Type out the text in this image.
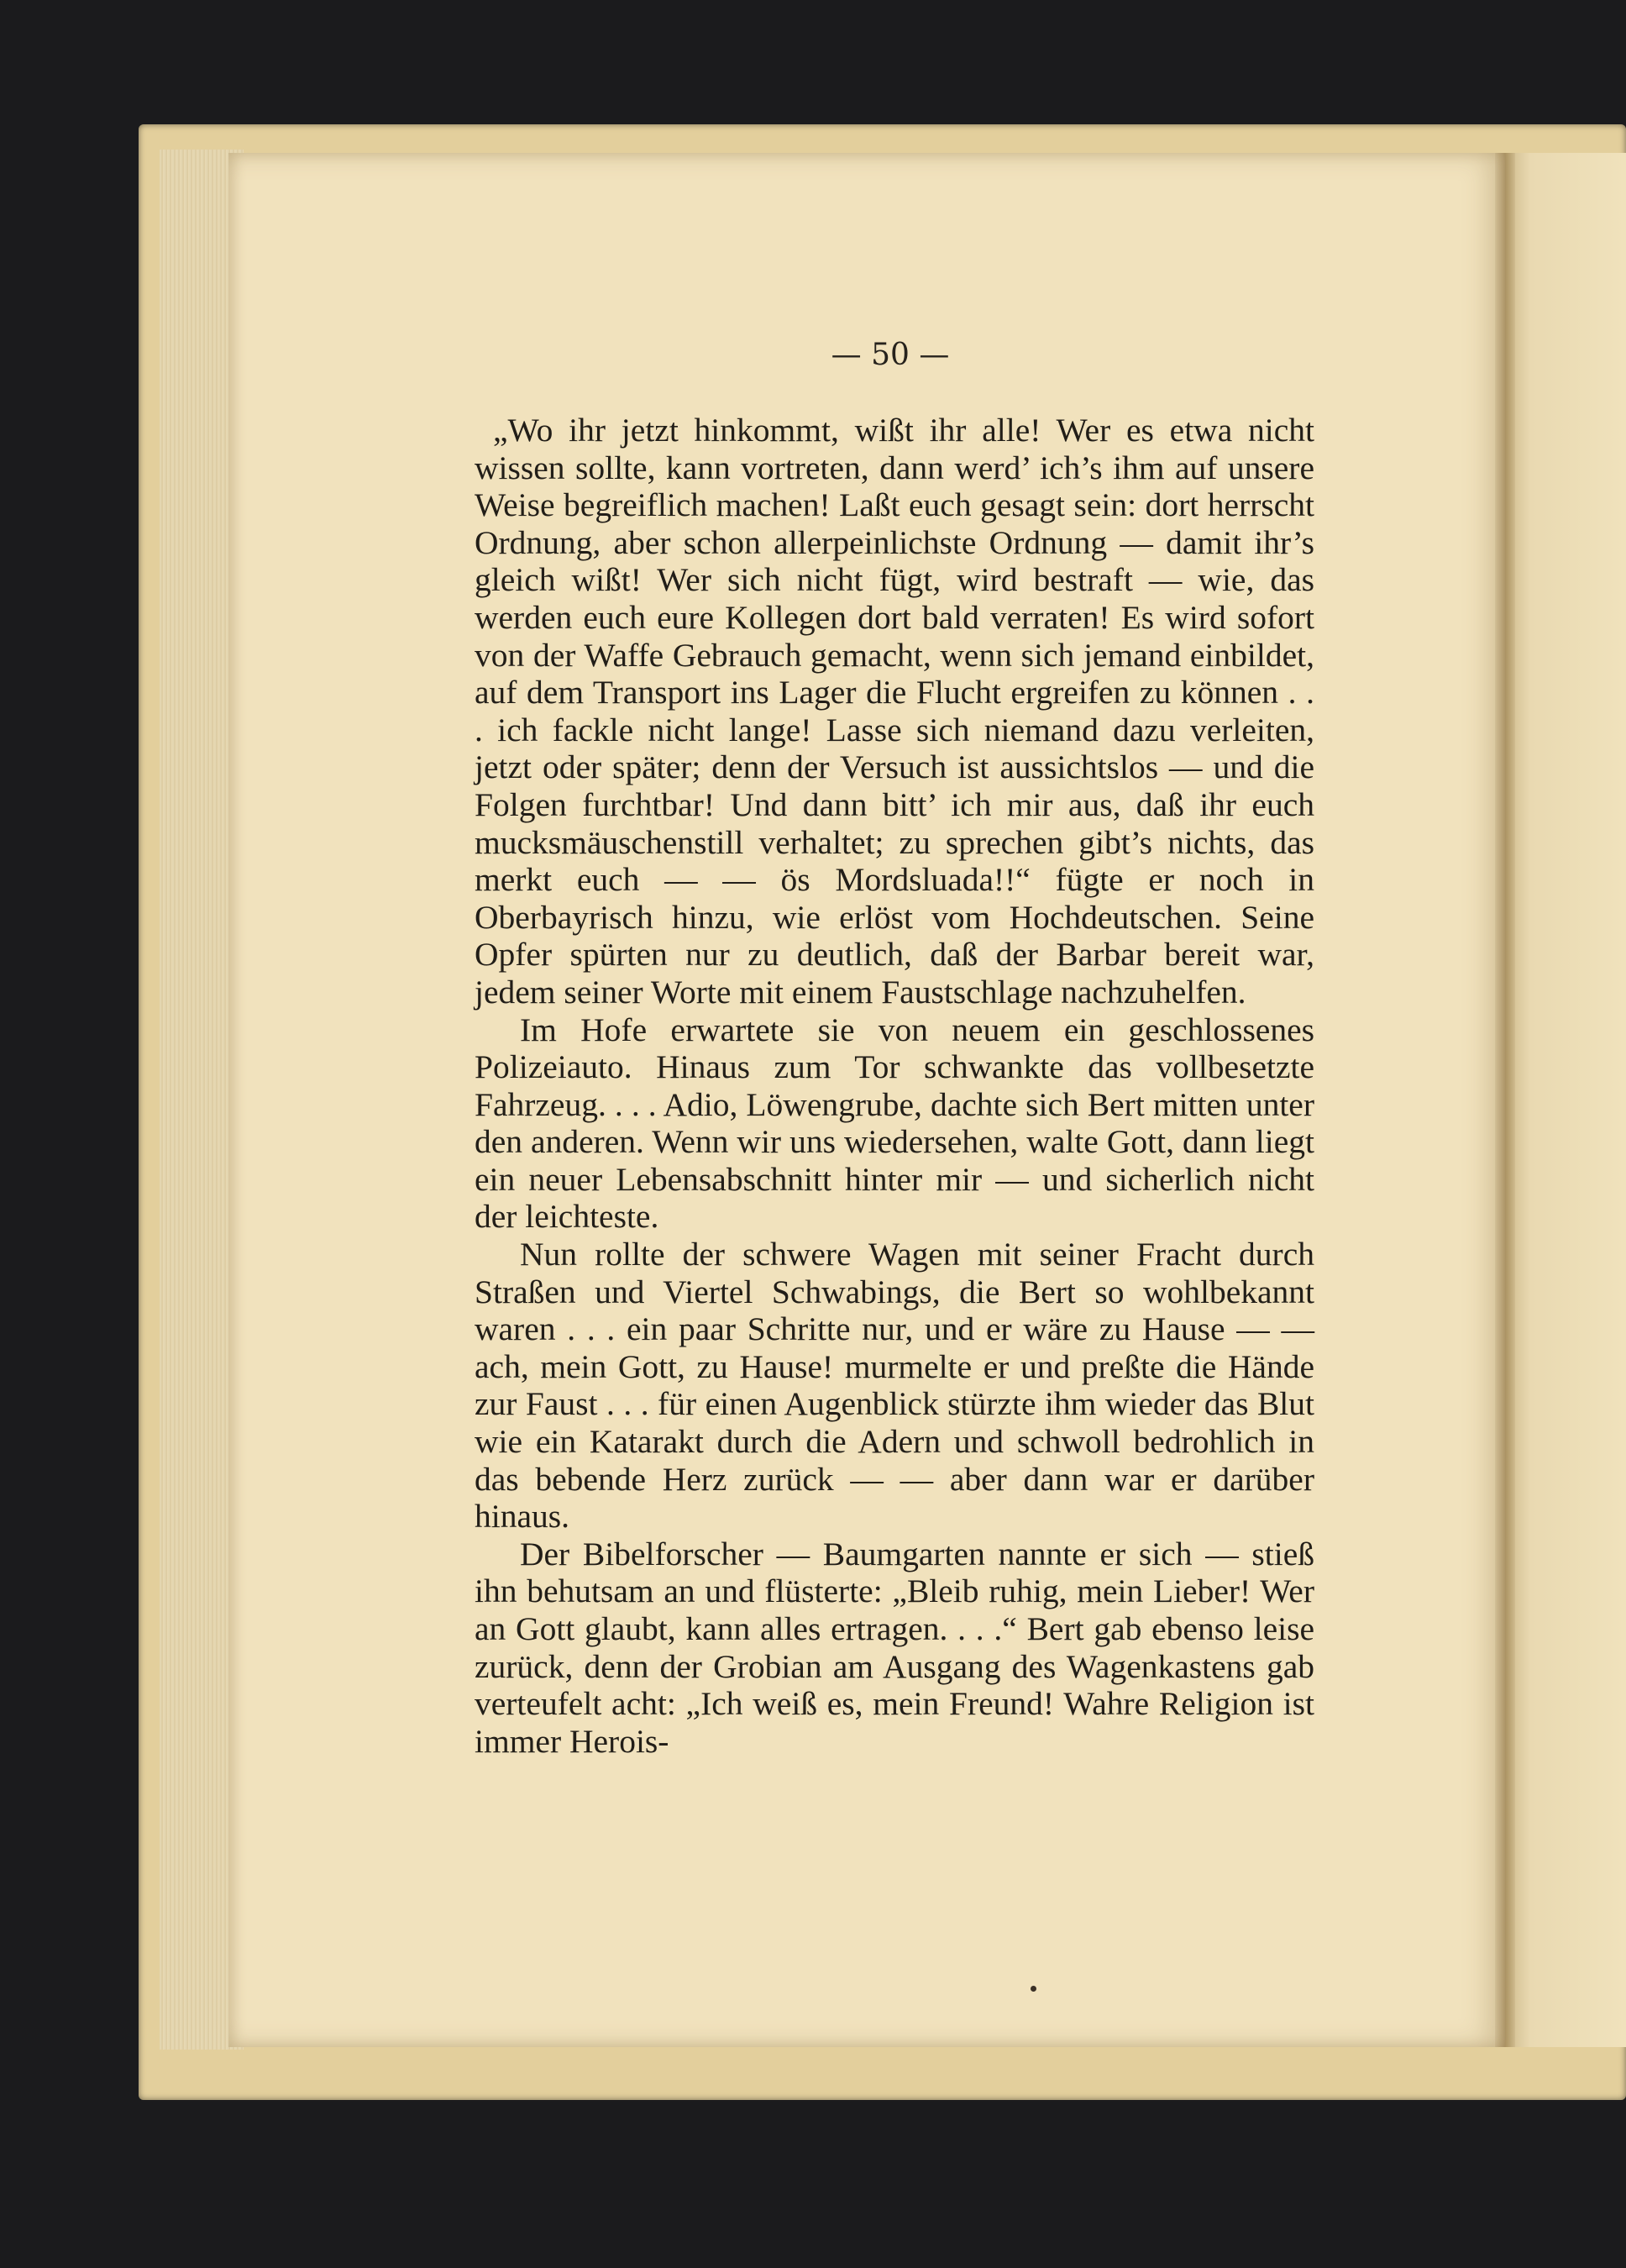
— 50 —

„Wo ihr jetzt hinkommt, wißt ihr alle! Wer es etwa nicht wissen sollte, kann vortreten, dann werd’ ich’s ihm auf unsere Weise begreiflich machen! Laßt euch gesagt sein: dort herrscht Ordnung, aber schon allerpeinlichste Ordnung — damit ihr’s gleich wißt! Wer sich nicht fügt, wird bestraft — wie, das werden euch eure Kollegen dort bald verraten! Es wird sofort von der Waffe Gebrauch gemacht, wenn sich jemand einbildet, auf dem Transport ins Lager die Flucht ergreifen zu können . . . ich fackle nicht lange! Lasse sich niemand dazu verleiten, jetzt oder später; denn der Versuch ist aussichtslos — und die Folgen furchtbar! Und dann bitt’ ich mir aus, daß ihr euch mucksmäuschenstill verhaltet; zu sprechen gibt’s nichts, das merkt euch — — ös Mordsluada!!“ fügte er noch in Oberbayrisch hinzu, wie erlöst vom Hochdeutschen. Seine Opfer spürten nur zu deutlich, daß der Barbar bereit war, jedem seiner Worte mit einem Faustschlage nachzuhelfen.

Im Hofe erwartete sie von neuem ein geschlossenes Polizeiauto. Hinaus zum Tor schwankte das vollbesetzte Fahrzeug. . . . Adio, Löwengrube, dachte sich Bert mitten unter den anderen. Wenn wir uns wiedersehen, walte Gott, dann liegt ein neuer Lebensabschnitt hinter mir — und sicherlich nicht der leichteste.

Nun rollte der schwere Wagen mit seiner Fracht durch Straßen und Viertel Schwabings, die Bert so wohlbekannt waren . . . ein paar Schritte nur, und er wäre zu Hause — — ach, mein Gott, zu Hause! murmelte er und preßte die Hände zur Faust . . . für einen Augenblick stürzte ihm wieder das Blut wie ein Katarakt durch die Adern und schwoll bedrohlich in das bebende Herz zurück — — aber dann war er darüber hinaus.

Der Bibelforscher — Baumgarten nannte er sich — stieß ihn behutsam an und flüsterte: „Bleib ruhig, mein Lieber! Wer an Gott glaubt, kann alles ertragen. . . .“ Bert gab ebenso leise zurück, denn der Grobian am Ausgang des Wagenkastens gab verteufelt acht: „Ich weiß es, mein Freund! Wahre Religion ist immer Herois-
